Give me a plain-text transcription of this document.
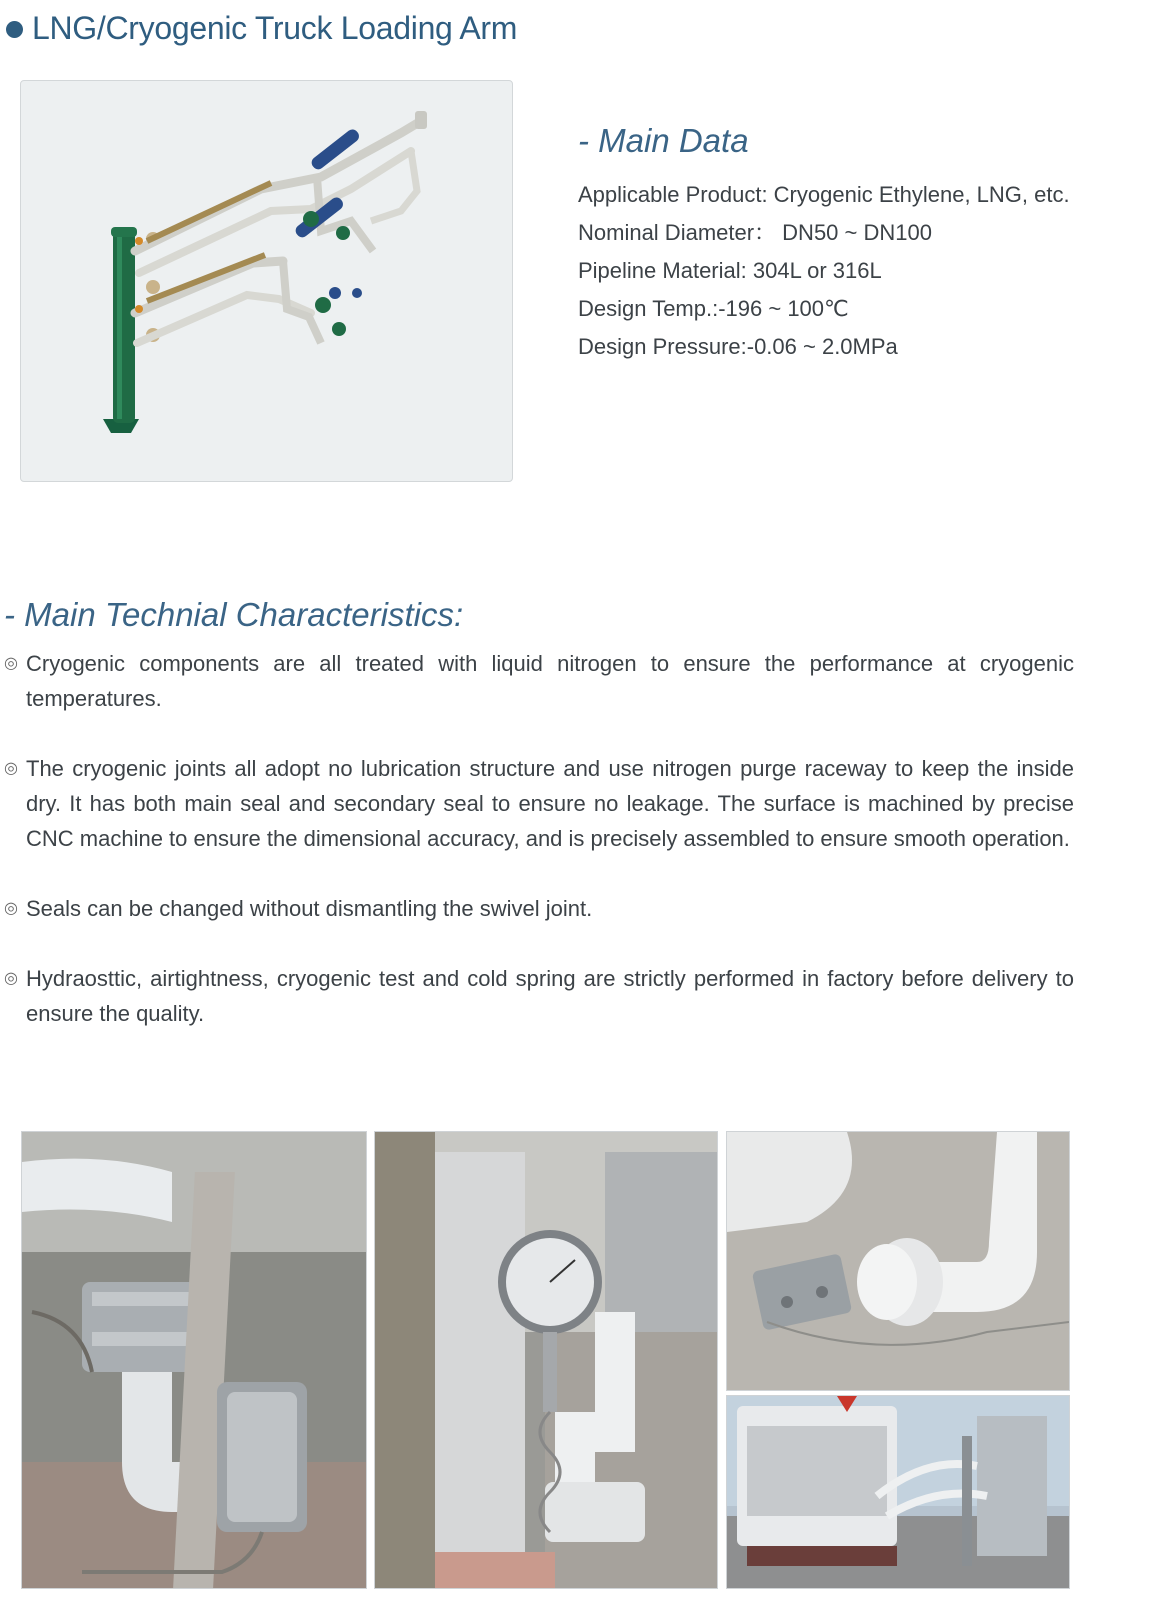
LNG/Cryogenic Truck Loading Arm
- Main Data
Applicable Product: Cryogenic Ethylene, LNG, etc.
Nominal Diameter： DN50 ~ DN100
Pipeline Material: 304L or 316L
Design Temp.:-196 ~ 100℃
Design Pressure:-0.06 ~ 2.0MPa
- Main Technial Characteristics:
◎ Cryogenic components are all treated with liquid nitrogen to ensure the performance at cryogenic temperatures.
◎ The cryogenic joints all adopt no lubrication structure and use nitrogen purge raceway to keep the inside dry. It has both main seal and secondary seal to ensure no leakage. The surface is machined by precise CNC machine to ensure the dimensional accuracy, and is precisely assembled to ensure smooth operation.
◎ Seals can be changed without dismantling the swivel joint.
◎ Hydraosttic, airtightness, cryogenic test and cold spring are strictly performed in factory before delivery to ensure the quality.
